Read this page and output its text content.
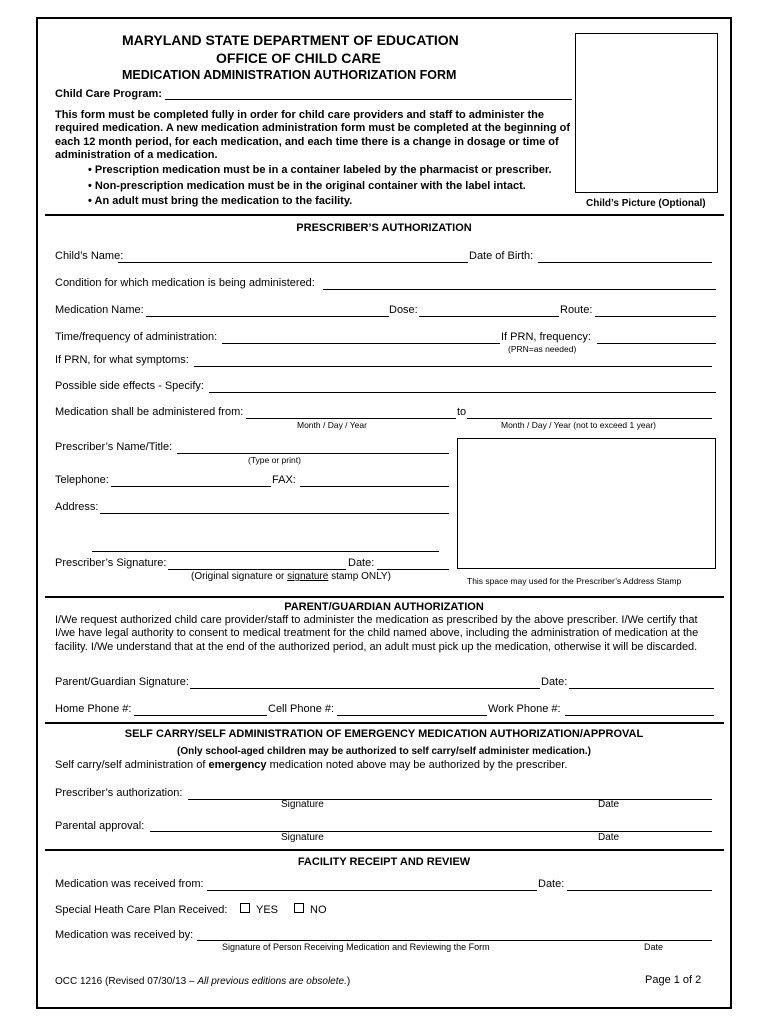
MARYLAND STATE DEPARTMENT OF EDUCATION
OFFICE OF CHILD CARE
MEDICATION ADMINISTRATION AUTHORIZATION FORM
Child Care Program:

This form must be completed fully in order for child care providers and staff to administer the required medication. A new medication administration form must be completed at the beginning of each 12 month period, for each medication, and each time there is a change in dosage or time of administration of a medication.

• Prescription medication must be in a container labeled by the pharmacist or prescriber.
• Non-prescription medication must be in the original container with the label intact.
• An adult must bring the medication to the facility.	Child’s Picture (Optional)
PRESCRIBER’S AUTHORIZATION
Child’s Name:	Date of Birth:
Condition for which medication is being administered:
Medication Name:	Dose:	Route:
Time/frequency of administration:	If PRN, frequency:
(PRN=as needed)
If PRN, for what symptoms:
Possible side effects - Specify:
Medication shall be administered from:	to
Month / Day / Year	Month / Day / Year (not to exceed 1 year)
Prescriber’s Name/Title:
(Type or print)
Telephone:	FAX:
Address:
Prescriber’s Signature:	Date:
(Original signature or signature stamp ONLY)	This space may used for the Prescriber’s Address Stamp
PARENT/GUARDIAN AUTHORIZATION

I/We request authorized child care provider/staff to administer the medication as prescribed by the above prescriber. I/We certify that I/we have legal authority to consent to medical treatment for the child named above, including the administration of medication at the facility. I/We understand that at the end of the authorized period, an adult must pick up the medication, otherwise it will be discarded.

Parent/Guardian Signature:	Date:
Home Phone #:	Cell Phone #:	Work Phone #:
SELF CARRY/SELF ADMINISTRATION OF EMERGENCY MEDICATION AUTHORIZATION/APPROVAL
(Only school-aged children may be authorized to self carry/self administer medication.)
Self carry/self administration of emergency medication noted above may be authorized by the prescriber.
Prescriber’s authorization:
Signature	Date
Parental approval:
Signature	Date
FACILITY RECEIPT AND REVIEW
Medication was received from:	Date:
Special Heath Care Plan Received:	YES	NO
Medication was received by:
Signature of Person Receiving Medication and Reviewing the Form	Date
OCC 1216 (Revised 07/30/13 – All previous editions are obsolete.)	Page 1 of 2
